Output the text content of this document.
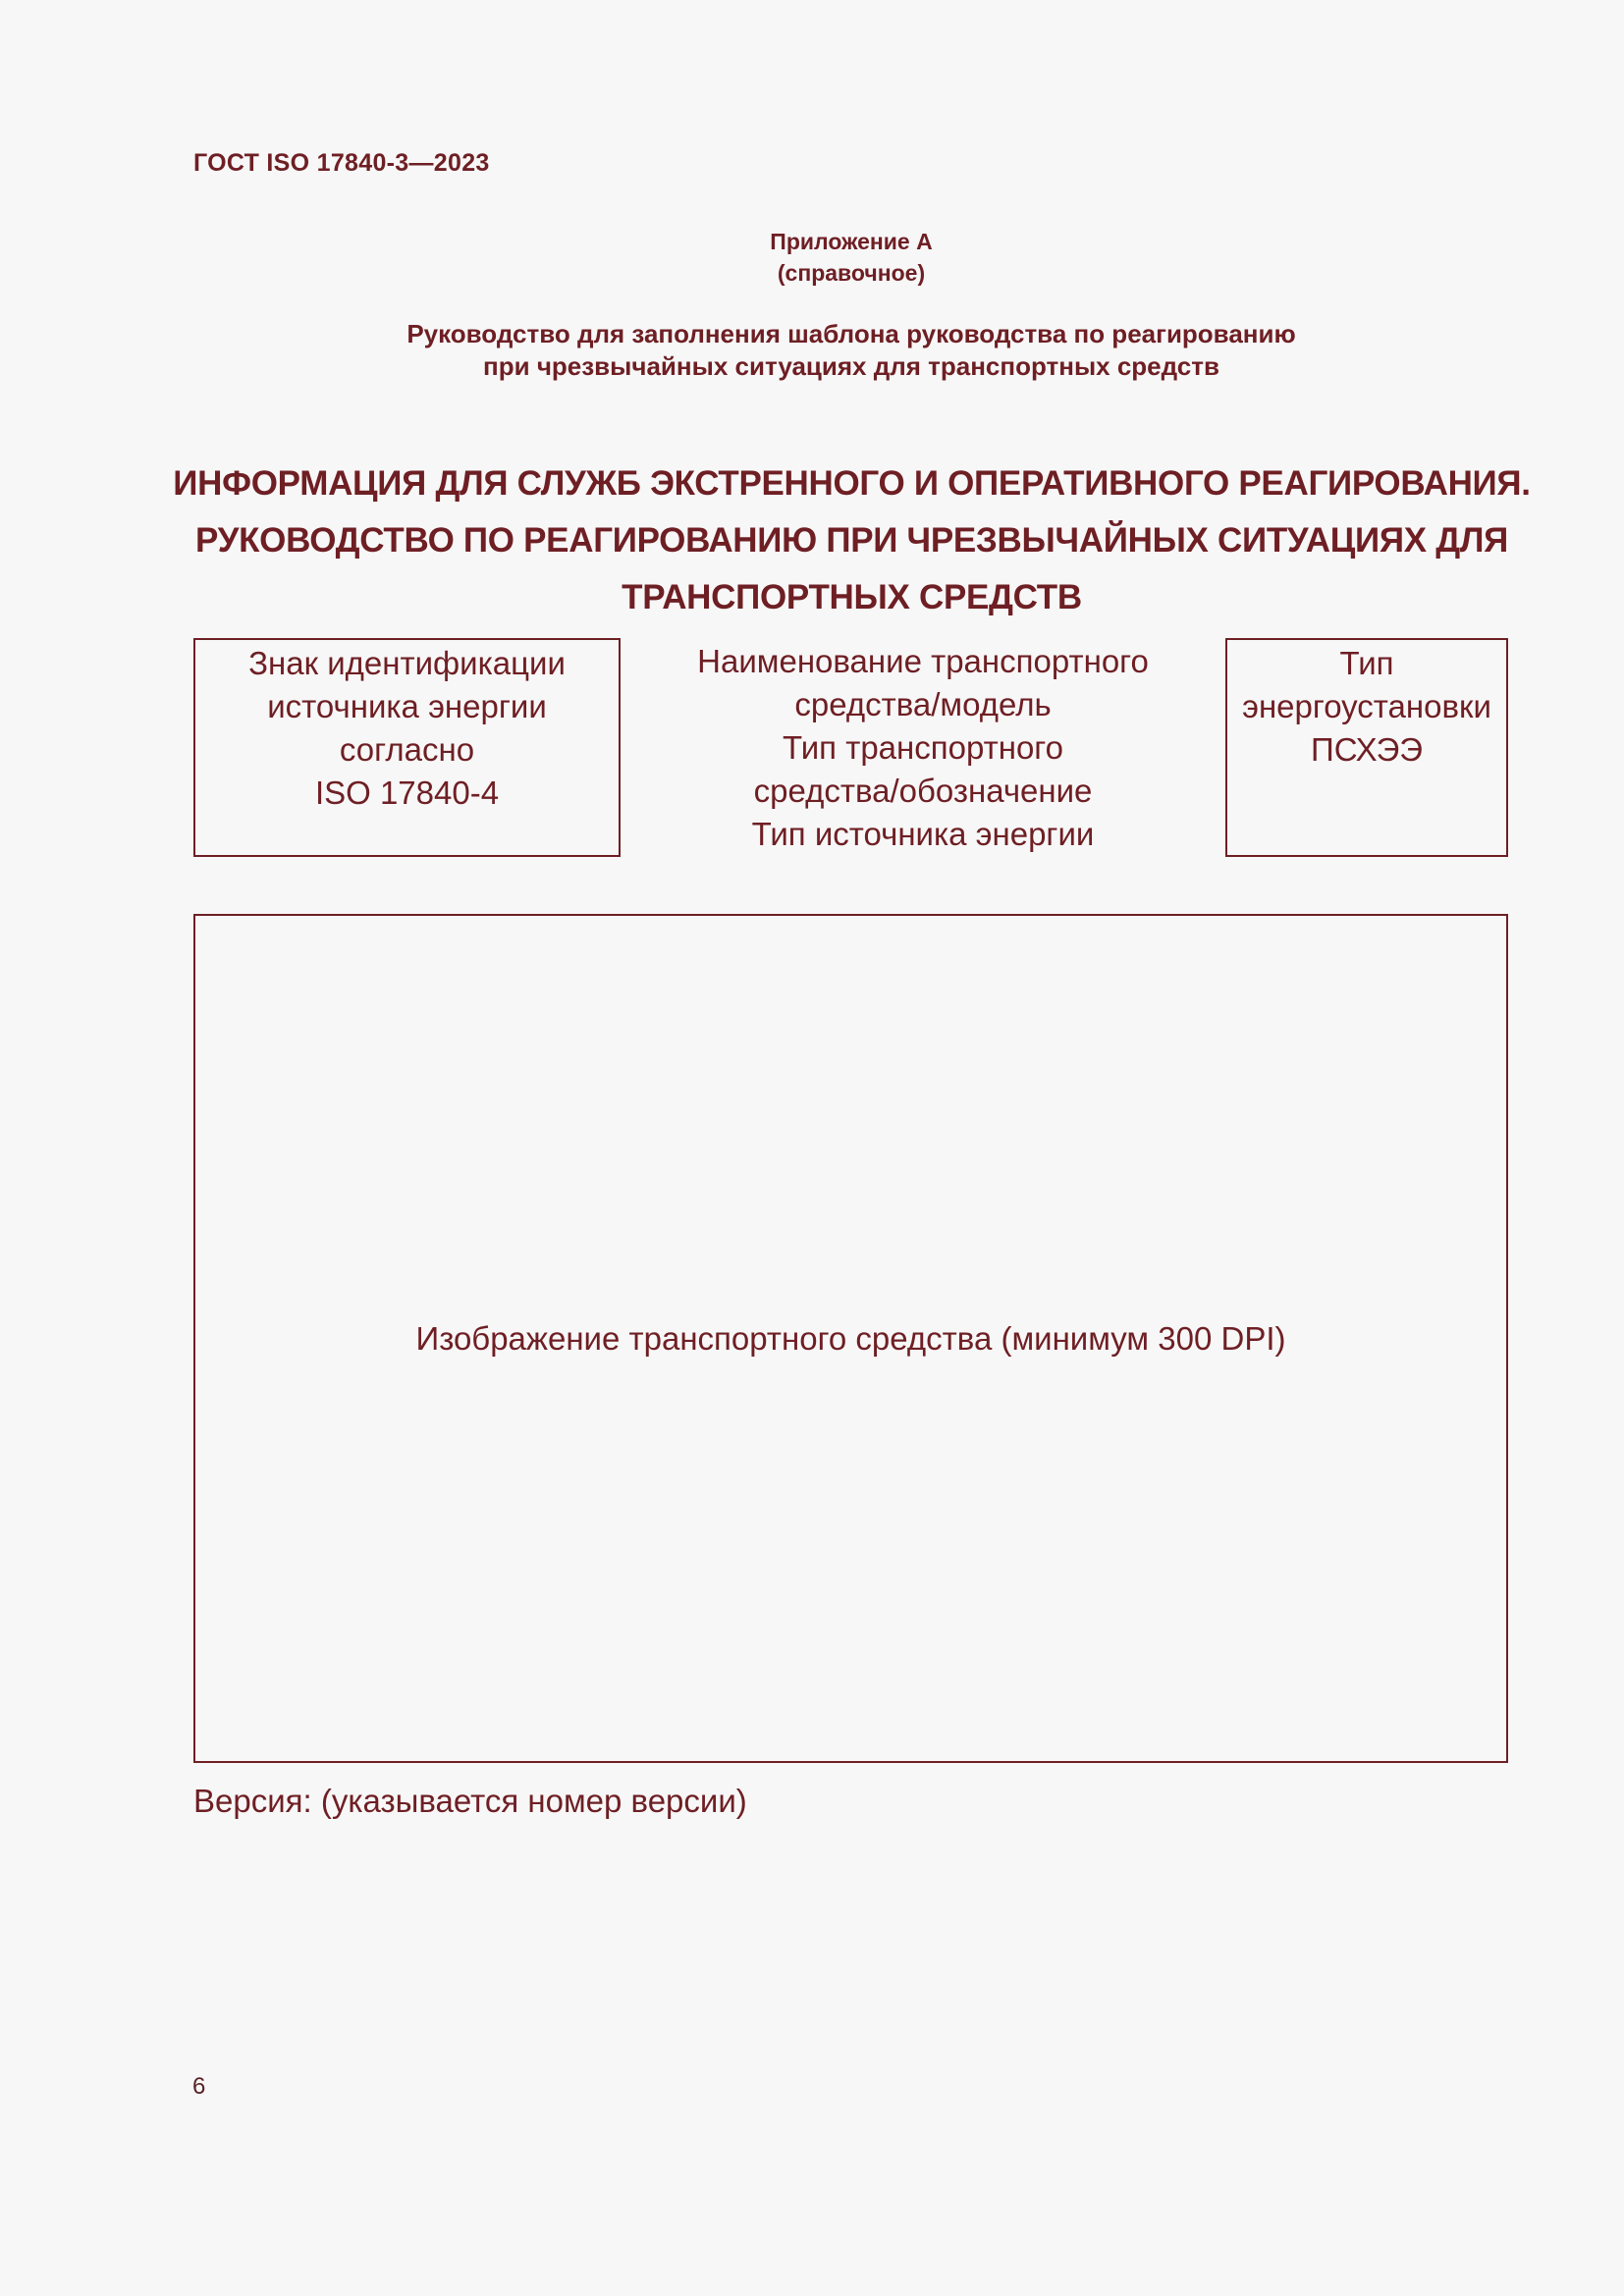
ГОСТ ISO 17840-3—2023
Приложение А
(справочное)
Руководство для заполнения шаблона руководства по реагированию
при чрезвычайных ситуациях для транспортных средств
ИНФОРМАЦИЯ ДЛЯ СЛУЖБ ЭКСТРЕННОГО И ОПЕРАТИВНОГО РЕАГИРОВАНИЯ.
РУКОВОДСТВО ПО РЕАГИРОВАНИЮ ПРИ ЧРЕЗВЫЧАЙНЫХ СИТУАЦИЯХ ДЛЯ
ТРАНСПОРТНЫХ СРЕДСТВ
Знак идентификации
источника энергии
согласно
ISO 17840-4
Наименование транспортного
средства/модель
Тип транспортного
средства/обозначение
Тип источника энергии
Тип
энергоустановки
ПСХЭЭ
Изображение транспортного средства (минимум 300 DPI)
Версия: (указывается номер версии)
6
